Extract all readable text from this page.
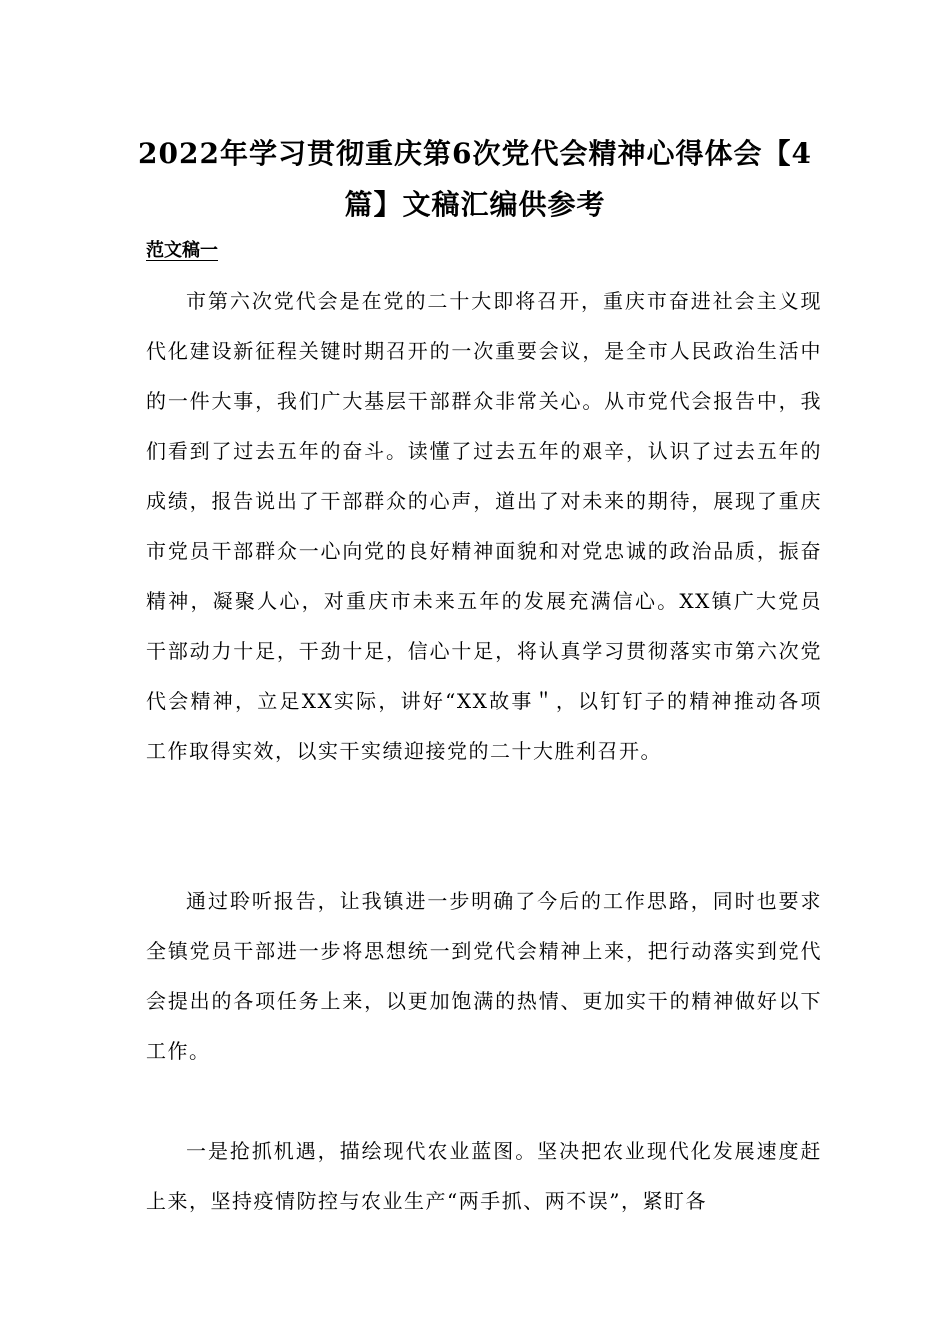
2022年学习贯彻重庆第6次党代会精神心得体会【4篇】文稿汇编供参考

范文稿一

市第六次党代会是在党的二十大即将召开，重庆市奋进社会主义现代化建设新征程关键时期召开的一次重要会议，是全市人民政治生活中的一件大事，我们广大基层干部群众非常关心。从市党代会报告中，我们看到了过去五年的奋斗。读懂了过去五年的艰辛，认识了过去五年的成绩，报告说出了干部群众的心声，道出了对未来的期待，展现了重庆市党员干部群众一心向党的良好精神面貌和对党忠诚的政治品质，振奋精神，凝聚人心，对重庆市未来五年的发展充满信心。XX镇广大党员干部动力十足，干劲十足，信心十足，将认真学习贯彻落实市第六次党代会精神，立足XX实际，讲好“XX故事＂，以钉钉子的精神推动各项工作取得实效，以实干实绩迎接党的二十大胜利召开。

通过聆听报告，让我镇进一步明确了今后的工作思路，同时也要求全镇党员干部进一步将思想统一到党代会精神上来，把行动落实到党代会提出的各项任务上来，以更加饱满的热情、更加实干的精神做好以下工作。

一是抢抓机遇，描绘现代农业蓝图。坚决把农业现代化发展速度赶上来，坚持疫情防控与农业生产“两手抓、两不误”，紧盯各
